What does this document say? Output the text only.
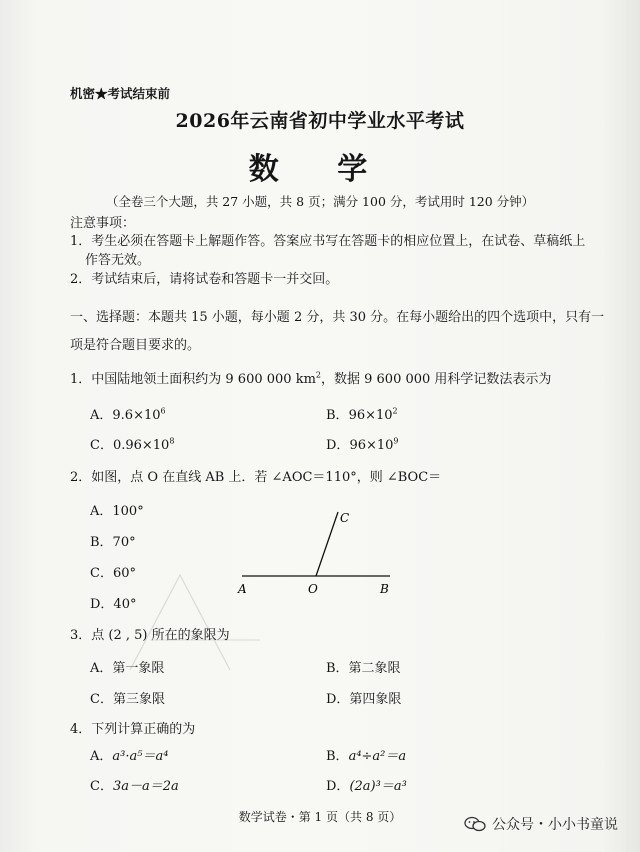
机密★考试结束前
2026年云南省初中学业水平考试
数 学
（全卷三个大题，共 27 小题，共 8 页；满分 100 分，考试用时 120 分钟）
注意事项：
1．考生必须在答题卡上解题作答。答案应书写在答题卡的相应位置上，在试卷、草稿纸上
作答无效。
2．考试结束后，请将试卷和答题卡一并交回。
一、选择题：本题共 15 小题，每小题 2 分，共 30 分。在每小题给出的四个选项中，只有一
项是符合题目要求的。
1．中国陆地领土面积约为 9 600 000 $km^2$，数据 9 600 000 用科学记数法表示为
A．$9.6\times 10^6$	B．$96\times 10^2$
C．$0.96\times 10^8$	D．$96\times 10^9$
2．如图，点 O 在直线 AB 上．若 ∠AOC＝110°，则 ∠BOC＝
A．100°
B．70°
C．60°
D．40°
A	O	B
C
3．点 (2 , 5) 所在的象限为
A．第一象限	B．第二象限
C．第三象限	D．第四象限
4．下列计算正确的为
A．a³·a⁵＝a⁴	B．a⁴÷a²＝a
C．3a－a＝2a	D．(2a)³＝a³
数学试卷・第 1 页（共 8 页）	公众号・小小书童说
